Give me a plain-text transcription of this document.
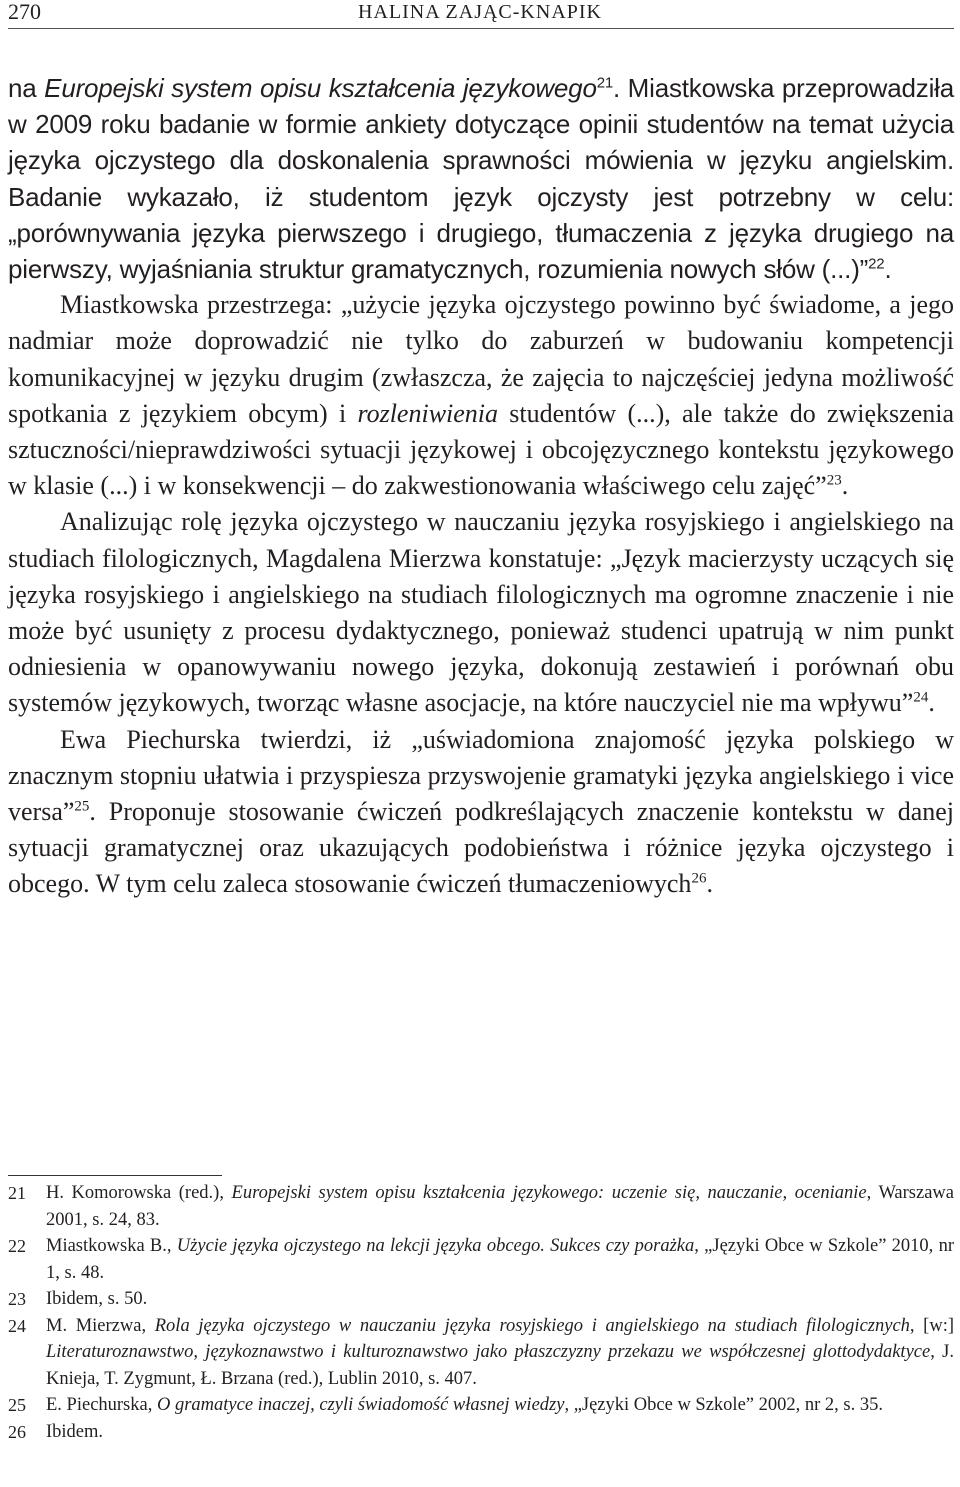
270	HALINA ZAJĄC-KNAPIK

na Europejski system opisu kształcenia językowego$^{21}$. Miastkowska przeprowadziła w 2009 roku badanie w formie ankiety dotyczące opinii studentów na temat użycia języka ojczystego dla doskonalenia sprawności mówienia w języku angielskim. Badanie wykazało, iż studentom język ojczysty jest potrzebny w celu: „porównywania języka pierwszego i drugiego, tłumaczenia z języka drugiego na pierwszy, wyjaśniania struktur gramatycznych, rozumienia nowych słów (...)”$^{22}$.

Miastkowska przestrzega: „użycie języka ojczystego powinno być świadome, a jego nadmiar może doprowadzić nie tylko do zaburzeń w budowaniu kompetencji komunikacyjnej w języku drugim (zwłaszcza, że zajęcia to najczęściej jedyna możliwość spotkania z językiem obcym) i rozleniwienia studentów (...), ale także do zwiększenia sztuczności/nieprawdziwości sytuacji językowej i obcojęzycznego kontekstu językowego w klasie (...) i w konsekwencji – do zakwestionowania właściwego celu zajęć”$^{23}$.

Analizując rolę języka ojczystego w nauczaniu języka rosyjskiego i angielskiego na studiach filologicznych, Magdalena Mierzwa konstatuje: „Język macierzysty uczących się języka rosyjskiego i angielskiego na studiach filologicznych ma ogromne znaczenie i nie może być usunięty z procesu dydaktycznego, ponieważ studenci upatrują w nim punkt odniesienia w opanowywaniu nowego języka, dokonują zestawień i porównań obu systemów językowych, tworząc własne asocjacje, na które nauczyciel nie ma wpływu”$^{24}$.

Ewa Piechurska twierdzi, iż „uświadomiona znajomość języka polskiego w znacznym stopniu ułatwia i przyspiesza przyswojenie gramatyki języka angielskiego i vice versa”$^{25}$. Proponuje stosowanie ćwiczeń podkreślających znaczenie kontekstu w danej sytuacji gramatycznej oraz ukazujących podobieństwa i różnice języka ojczystego i obcego. W tym celu zaleca stosowanie ćwiczeń tłumaczeniowych$^{26}$.

21 H. Komorowska (red.), Europejski system opisu kształcenia językowego: uczenie się, nauczanie, ocenianie, Warszawa 2001, s. 24, 83.
22 Miastkowska B., Użycie języka ojczystego na lekcji języka obcego. Sukces czy porażka, „Języki Obce w Szkole” 2010, nr 1, s. 48.
23 Ibidem, s. 50.
24 M. Mierzwa, Rola języka ojczystego w nauczaniu języka rosyjskiego i angielskiego na studiach filologicznych, [w:] Literaturoznawstwo, językoznawstwo i kulturoznawstwo jako płaszczyzny przekazu we współczesnej glottodydaktyce, J. Knieja, T. Zygmunt, Ł. Brzana (red.), Lublin 2010, s. 407.
25 E. Piechurska, O gramatyce inaczej, czyli świadomość własnej wiedzy, „Języki Obce w Szkole” 2002, nr 2, s. 35.
26 Ibidem.
